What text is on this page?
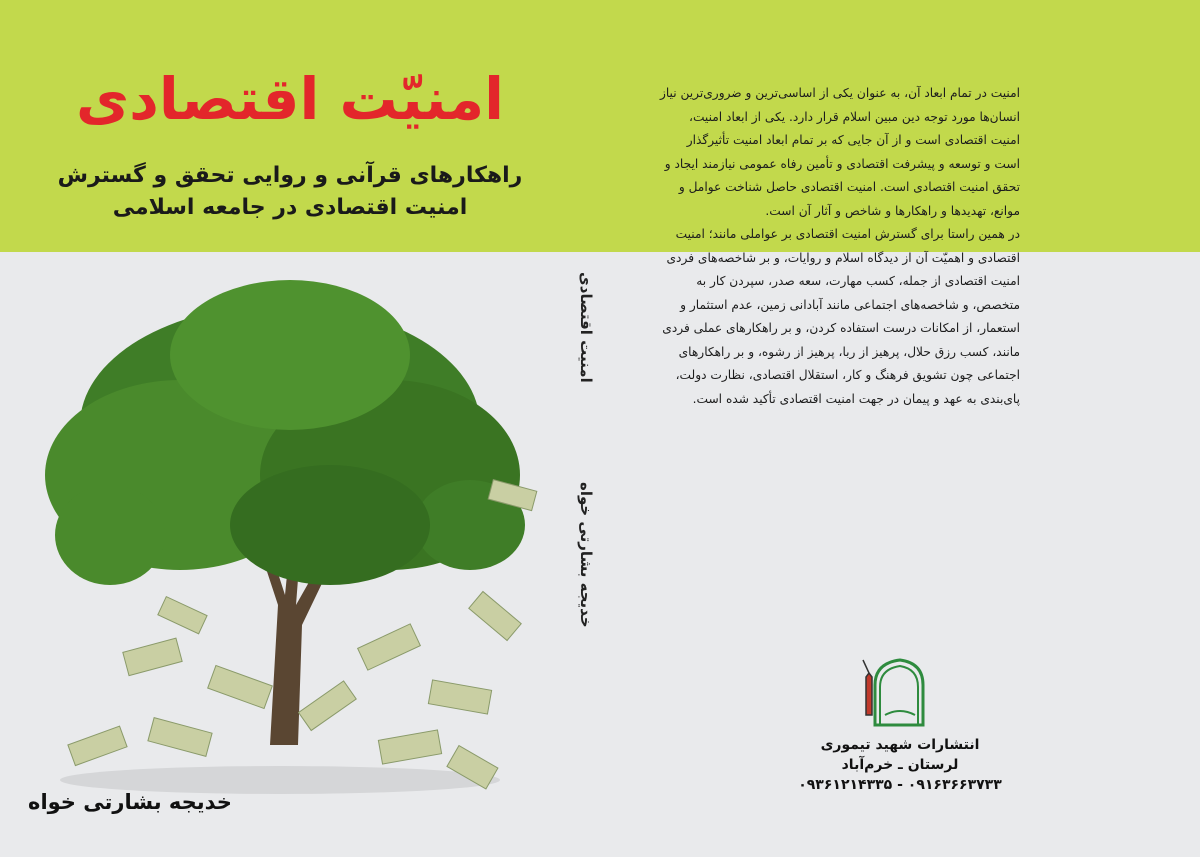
امنیّت اقتصادی
راهکارهای قرآنی و روایی تحقق و گسترش
امنیت اقتصادی در جامعه اسلامی
خدیجه بشارتی خواه
امنیت اقتصادی
خدیجه بشارتی خواه
امنیت در تمام ابعاد آن، به عنوان یکی از اساسی‌ترین و ضروری‌ترین نیاز
انسان‌ها مورد توجه دین مبین اسلام قرار دارد. یکی از ابعاد امنیت،
امنیت اقتصادی است و از آن جایی که بر تمام ابعاد امنیت تأثیرگذار
است و توسعه و پیشرفت اقتصادی و تأمین رفاه عمومی نیازمند ایجاد و
تحقق امنیت اقتصادی است. امنیت اقتصادی حاصل شناخت عوامل و
موانع، تهدیدها و راهکارها و شاخص و آثار آن است.
در همین راستا برای گسترش امنیت اقتصادی بر عواملی مانند؛ امنیت
اقتصادی و اهمیّت آن از دیدگاه اسلام و روایات، و بر شاخصه‌های فردی
امنیت اقتصادی از جمله، کسب مهارت، سعه صدر، سپردن کار به
متخصص، و شاخصه‌های اجتماعی مانند آبادانی زمین، عدم استثمار و
استعمار، از امکانات درست استفاده کردن، و بر راهکارهای عملی فردی
مانند، کسب رزق حلال، پرهیز از ربا، پرهیز از رشوه، و بر راهکارهای
اجتماعی چون تشویق فرهنگ و کار، استقلال اقتصادی، نظارت دولت،
پای‌بندی به عهد و پیمان در جهت امنیت اقتصادی تأکید شده است.
انتشارات شهید تیموری
لرستان ـ خرم‌آباد
۰۹۳۶۱۲۱۴۳۳۵ - ۰۹۱۶۳۶۶۳۷۳۳
